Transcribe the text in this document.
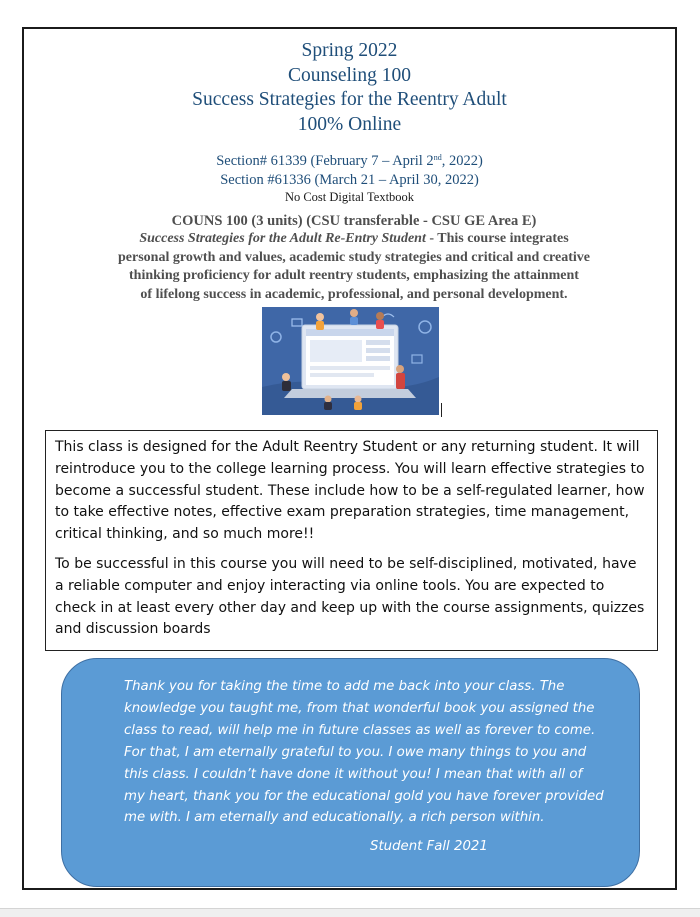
Spring 2022
Counseling 100
Success Strategies for the Reentry Adult
100% Online
Section# 61339 (February 7 – April 2nd, 2022)
Section #61336 (March 21 – April 30, 2022)
No Cost Digital Textbook
COUNS 100 (3 units) (CSU transferable - CSU GE Area E)
Success Strategies for the Adult Re-Entry Student - This course integrates
personal growth and values, academic study strategies and critical and creative
thinking proficiency for adult reentry students, emphasizing the attainment
of lifelong success in academic, professional, and personal development.

This class is designed for the Adult Reentry Student or any returning student. It will reintroduce you to the college learning process. You will learn effective strategies to become a successful student. These include how to be a self-regulated learner, how to take effective notes, effective exam preparation strategies, time management, critical thinking, and so much more!!

To be successful in this course you will need to be self-disciplined, motivated, have a reliable computer and enjoy interacting via online tools. You are expected to check in at least every other day and keep up with the course assignments, quizzes and discussion boards

Thank you for taking the time to add me back into your class. The
knowledge you taught me, from that wonderful book you assigned the
class to read, will help me in future classes as well as forever to come.
For that, I am eternally grateful to you. I owe many things to you and
this class. I couldn’t have done it without you! I mean that with all of
my heart, thank you for the educational gold you have forever provided
me with. I am eternally and educationally, a rich person within.
Student Fall 2021
